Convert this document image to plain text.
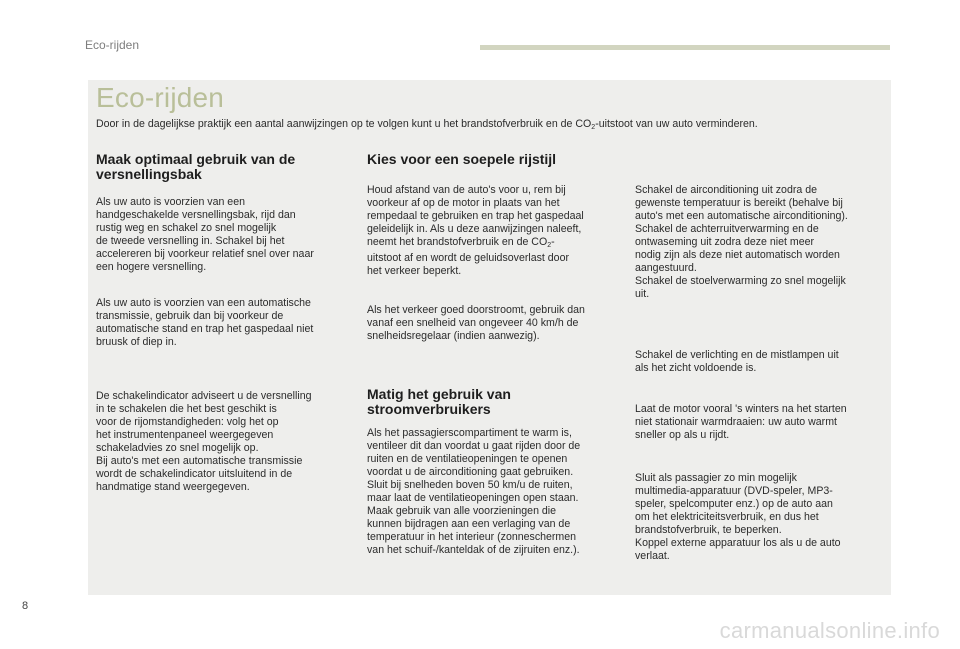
Eco-rijden
Eco-rijden
Door in de dagelijkse praktijk een aantal aanwijzingen op te volgen kunt u het brandstofverbruik en de $CO_2$-uitstoot van uw auto verminderen.
Maak optimaal gebruik van de
versnellingsbak
Als uw auto is voorzien van een
handgeschakelde versnellingsbak, rijd dan
rustig weg en schakel zo snel mogelijk
de tweede versnelling in. Schakel bij het
accelereren bij voorkeur relatief snel over naar
een hogere versnelling.
Als uw auto is voorzien van een automatische
transmissie, gebruik dan bij voorkeur de
automatische stand en trap het gaspedaal niet
bruusk of diep in.
De schakelindicator adviseert u de versnelling
in te schakelen die het best geschikt is
voor de rijomstandigheden: volg het op
het instrumentenpaneel weergegeven
schakeladvies zo snel mogelijk op.
Bij auto's met een automatische transmissie
wordt de schakelindicator uitsluitend in de
handmatige stand weergegeven.
Kies voor een soepele rijstijl
Houd afstand van de auto's voor u, rem bij
voorkeur af op de motor in plaats van het
rempedaal te gebruiken en trap het gaspedaal
geleidelijk in. Als u deze aanwijzingen naleeft,
neemt het brandstofverbruik en de $CO_2-$
uitstoot af en wordt de geluidsoverlast door
het verkeer beperkt.
Als het verkeer goed doorstroomt, gebruik dan
vanaf een snelheid van ongeveer 40 km/h de
snelheidsregelaar (indien aanwezig).
Matig het gebruik van
stroomverbruikers
Als het passagierscompartiment te warm is,
ventileer dit dan voordat u gaat rijden door de
ruiten en de ventilatieopeningen te openen
voordat u de airconditioning gaat gebruiken.
Sluit bij snelheden boven 50 km/u de ruiten,
maar laat de ventilatieopeningen open staan.
Maak gebruik van alle voorzieningen die
kunnen bijdragen aan een verlaging van de
temperatuur in het interieur (zonneschermen
van het schuif-/kanteldak of de zijruiten enz.).
Schakel de airconditioning uit zodra de
gewenste temperatuur is bereikt (behalve bij
auto's met een automatische airconditioning).
Schakel de achterruitverwarming en de
ontwaseming uit zodra deze niet meer
nodig zijn als deze niet automatisch worden
aangestuurd.
Schakel de stoelverwarming zo snel mogelijk
uit.
Schakel de verlichting en de mistlampen uit
als het zicht voldoende is.
Laat de motor vooral 's winters na het starten
niet stationair warmdraaien: uw auto warmt
sneller op als u rijdt.
Sluit als passagier zo min mogelijk
multimedia-apparatuur (DVD-speler, MP3-
speler, spelcomputer enz.) op de auto aan
om het elektriciteitsverbruik, en dus het
brandstofverbruik, te beperken.
Koppel externe apparatuur los als u de auto
verlaat.
8
carmanualsonline.info
